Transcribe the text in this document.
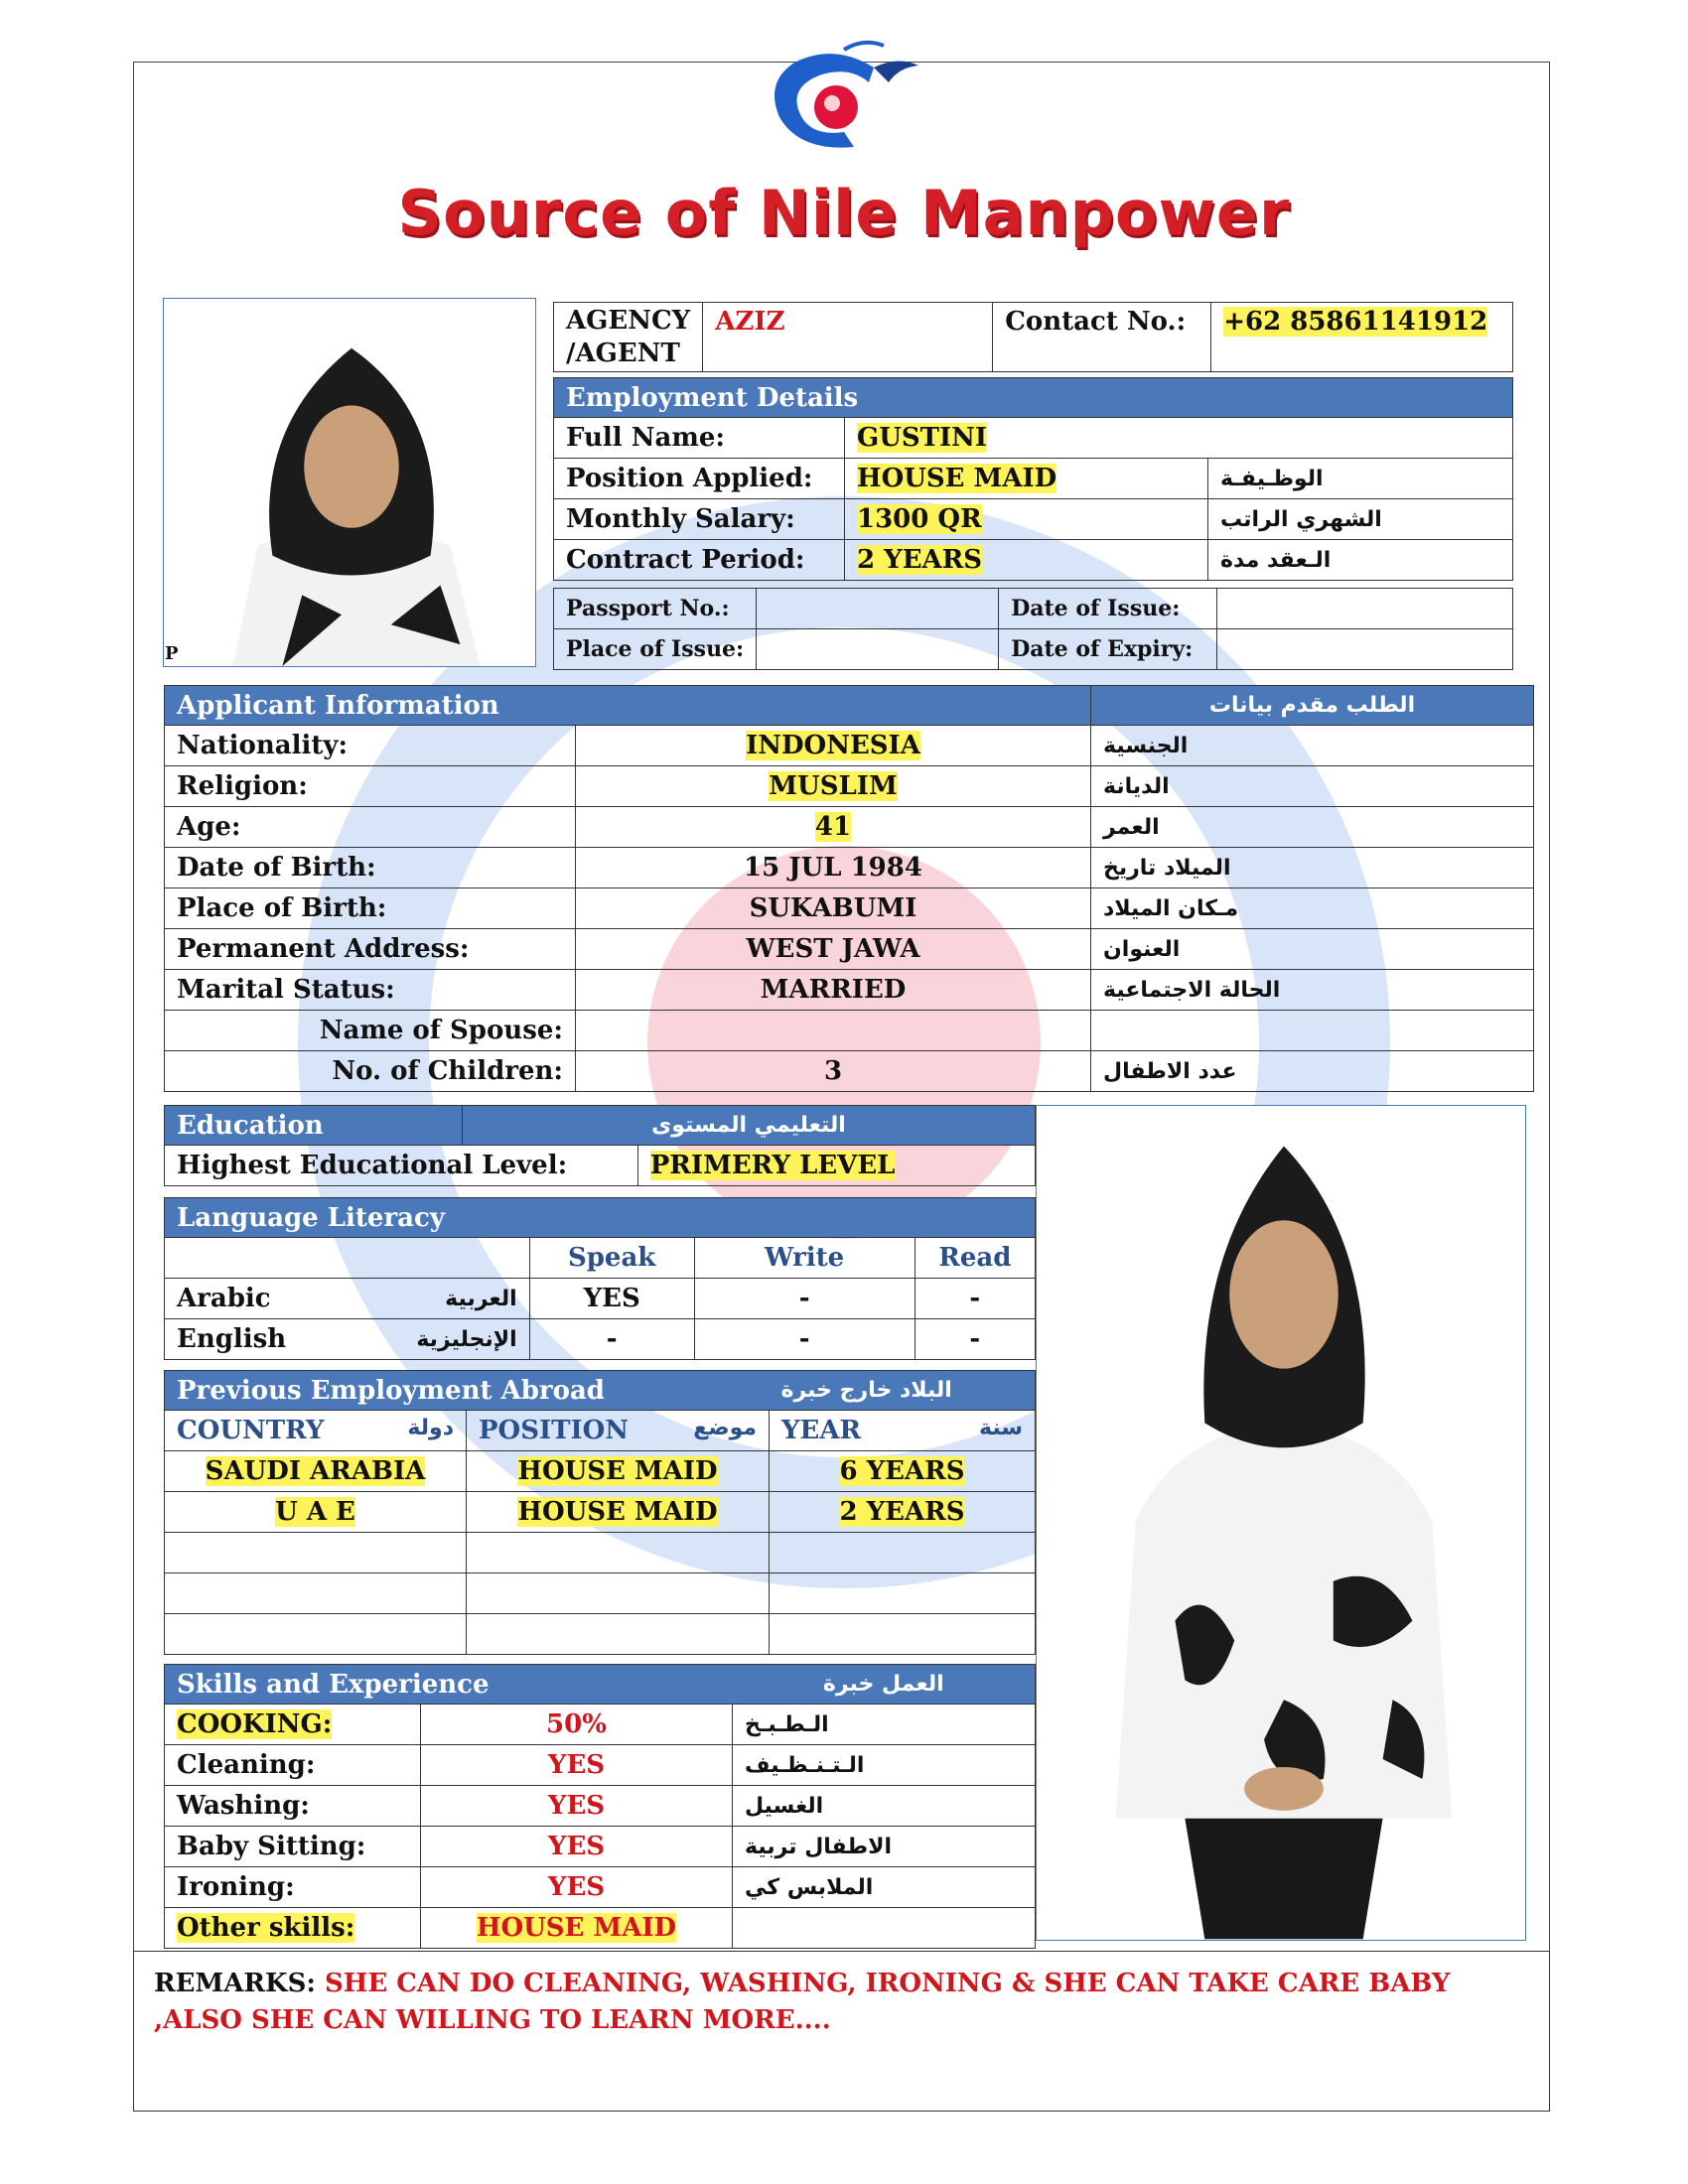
Source of Nile Manpower
P
AGENCY /AGENT	AZIZ	Contact No.:	+62 85861141912
Employment Details		
Full Name:	GUSTINI	
Position Applied:	HOUSE MAID	الوظـيفـة
Monthly Salary:	1300 QR	الشهري الراتب
Contract Period:	2 YEARS	الـعقد مدة
Passport No.:		Date of Issue:	
Place of Issue:		Date of Expiry:	
Applicant Information		الطلب مقدم بيانات
Nationality:	INDONESIA	الجنسية
Religion:	MUSLIM	الديانة
Age:	41	العمر
Date of Birth:	15 JUL 1984	الميلاد تاريخ
Place of Birth:	SUKABUMI	مـكان الميلاد
Permanent Address:	WEST JAWA	العنوان
Marital Status:	MARRIED	الحالة الاجتماعية
Name of Spouse:		
No. of Children:	3	عدد الاطفال
Education	التعليمي المستوى	
Highest Educational Level:		PRIMERY LEVEL
Language Literacy				
		Speak	Write	Read
Arabic	العربية	YES	-	-
English	الإنجليزية	-	-	-
Previous Employment Abroad		البلاد خارج خبرة
COUNTRY دولة	POSITION موضع	YEAR سنة

SAUDI ARABIA	HOUSE MAID	6 YEARS
U A E	HOUSE MAID	2 YEARS

Skills and Experience		العمل خبرة
COOKING:	50%	الـطـبـخ
Cleaning:	YES	الـتـنـظـيف
Washing:	YES	الغسيل
Baby Sitting:	YES	الاطفال تربية
Ironing:	YES	الملابس كي
Other skills:	HOUSE MAID	
REMARKS: SHE CAN DO CLEANING, WASHING, IRONING & SHE CAN TAKE CARE BABY ,ALSO SHE CAN WILLING TO LEARN MORE....
